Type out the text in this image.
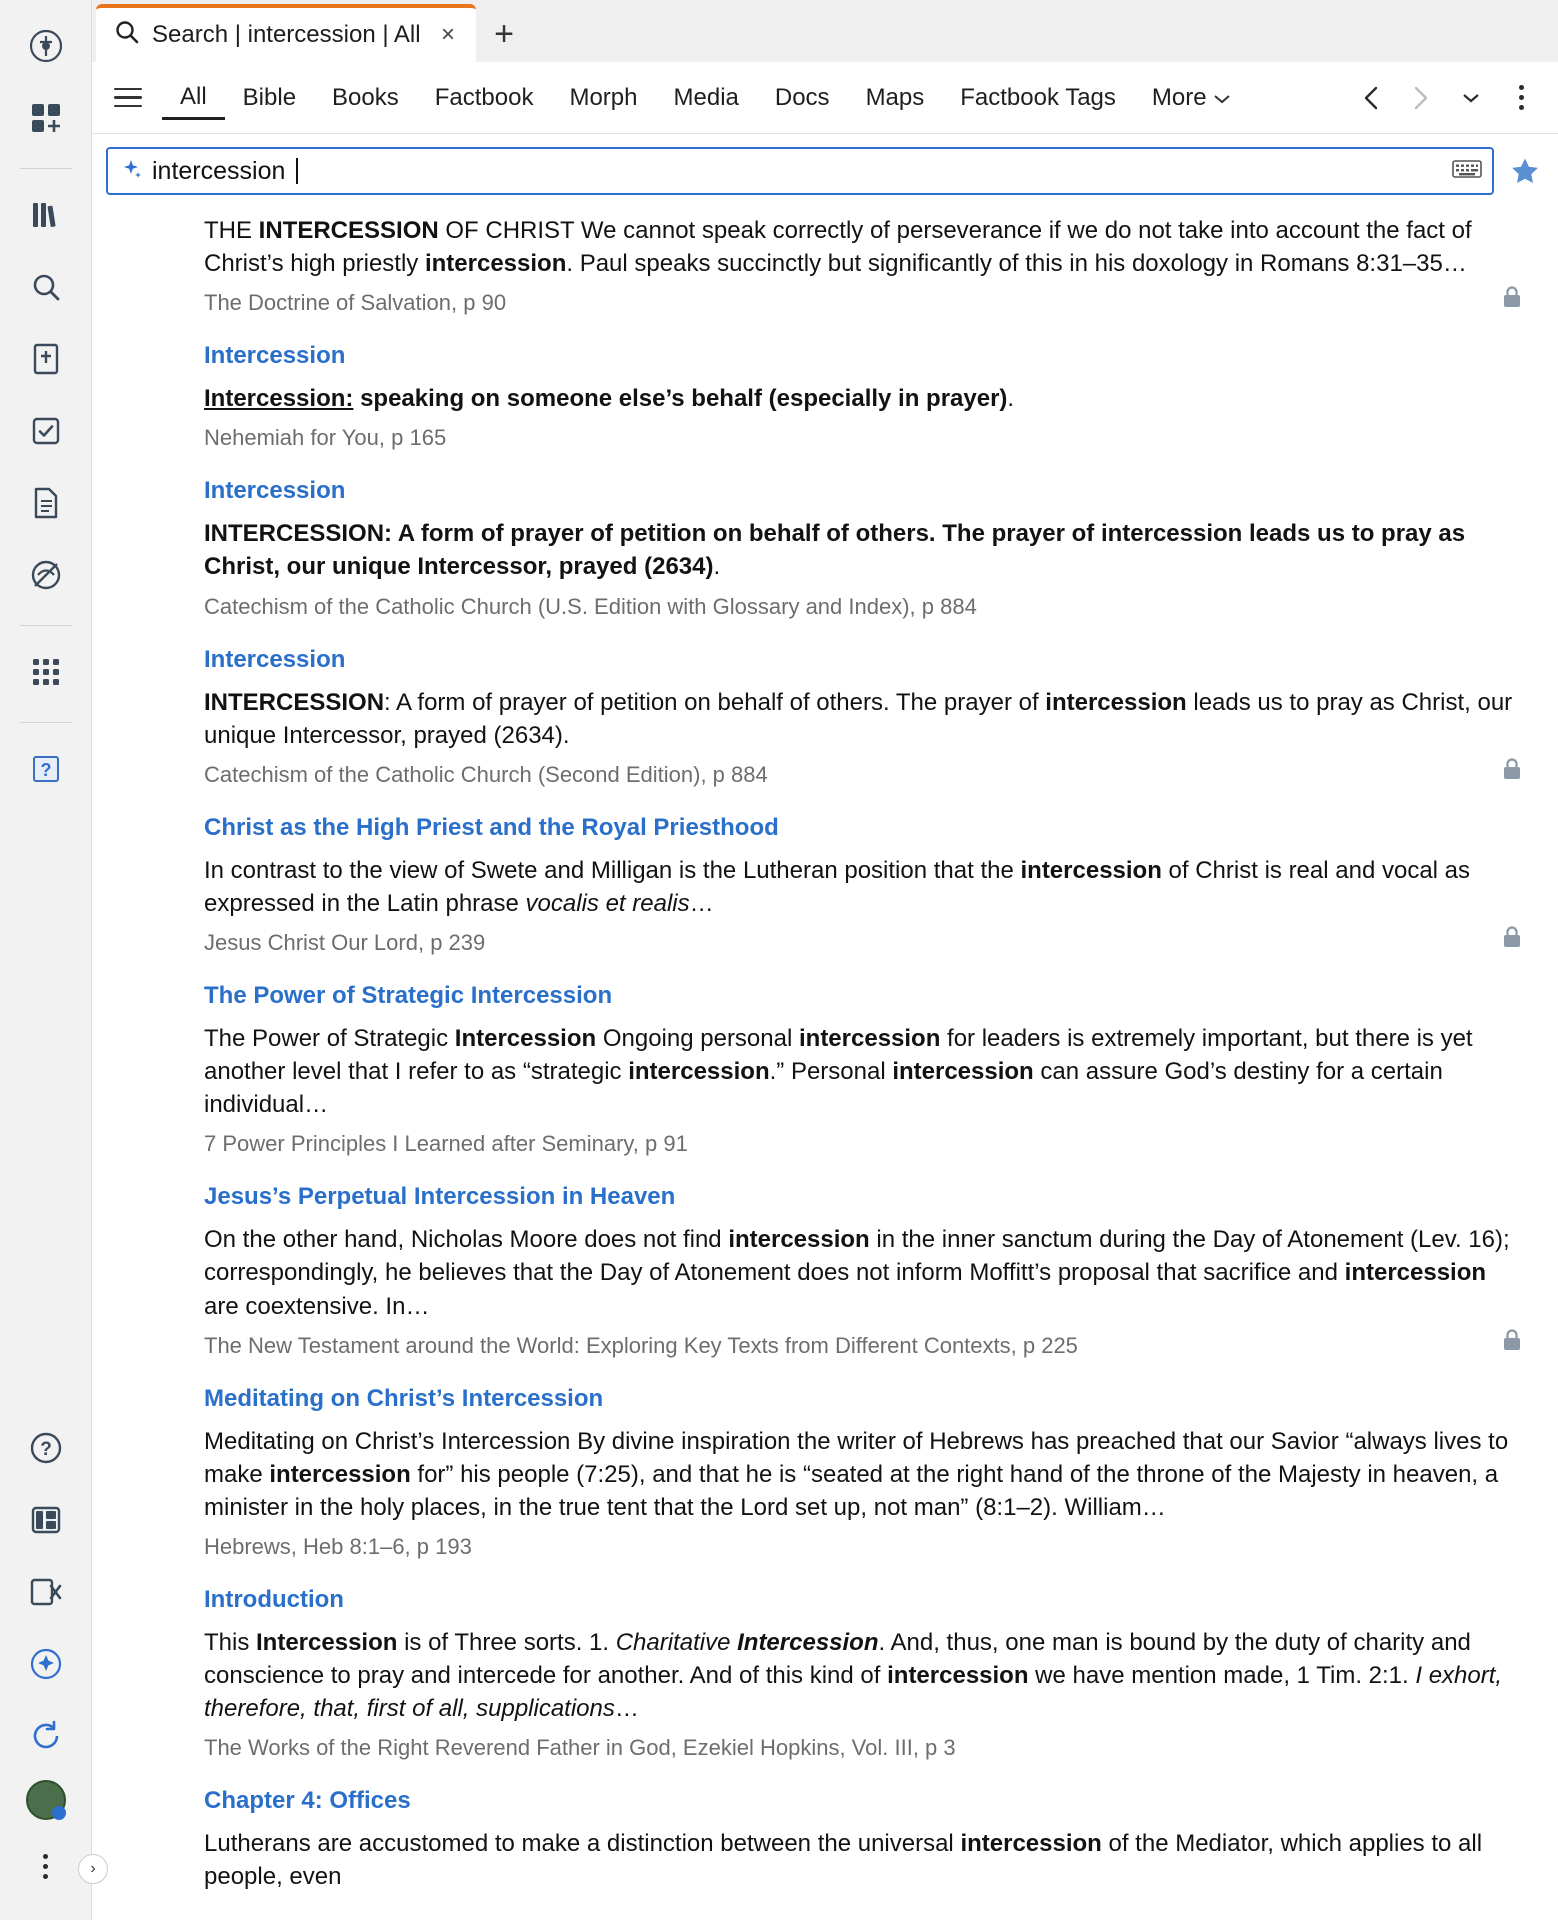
?
?
Search | intercession | All ×	+
All	Bible	Books	Factbook	Morph	Media	Docs	Maps	Factbook Tags	More
intercession
THE INTERCESSION OF CHRIST We cannot speak correctly of perseverance if we do not take into account the fact of Christ’s high priestly intercession. Paul speaks succinctly but significantly of this in his doxology in Romans 8:31–35…
The Doctrine of Salvation, p 90
Intercession
Intercession: speaking on someone else’s behalf (especially in prayer).
Nehemiah for You, p 165
Intercession
INTERCESSION: A form of prayer of petition on behalf of others. The prayer of intercession leads us to pray as Christ, our unique Intercessor, prayed (2634).
Catechism of the Catholic Church (U.S. Edition with Glossary and Index), p 884
Intercession
INTERCESSION: A form of prayer of petition on behalf of others. The prayer of intercession leads us to pray as Christ, our unique Intercessor, prayed (2634).
Catechism of the Catholic Church (Second Edition), p 884
Christ as the High Priest and the Royal Priesthood
In contrast to the view of Swete and Milligan is the Lutheran position that the intercession of Christ is real and vocal as expressed in the Latin phrase vocalis et realis…
Jesus Christ Our Lord, p 239
The Power of Strategic Intercession
The Power of Strategic Intercession Ongoing personal intercession for leaders is extremely important, but there is yet another level that I refer to as “strategic intercession.” Personal intercession can assure God’s destiny for a certain individual…
7 Power Principles I Learned after Seminary, p 91
Jesus’s Perpetual Intercession in Heaven
On the other hand, Nicholas Moore does not find intercession in the inner sanctum during the Day of Atonement (Lev. 16); correspondingly, he believes that the Day of Atonement does not inform Moffitt’s proposal that sacrifice and intercession are coextensive. In…
The New Testament around the World: Exploring Key Texts from Different Contexts, p 225
Meditating on Christ’s Intercession
Meditating on Christ’s Intercession By divine inspiration the writer of Hebrews has preached that our Savior “always lives to make intercession for” his people (7:25), and that he is “seated at the right hand of the throne of the Majesty in heaven, a minister in the holy places, in the true tent that the Lord set up, not man” (8:1–2). William…
Hebrews, Heb 8:1–6, p 193
Introduction
This Intercession is of Three sorts. 1. Charitative Intercession. And, thus, one man is bound by the duty of charity and conscience to pray and intercede for another. And of this kind of intercession we have mention made, 1 Tim. 2:1. I exhort, therefore, that, first of all, supplications…
The Works of the Right Reverend Father in God, Ezekiel Hopkins, Vol. III, p 3
Chapter 4: Offices
Lutherans are accustomed to make a distinction between the universal intercession of the Mediator, which applies to all people, even
›
